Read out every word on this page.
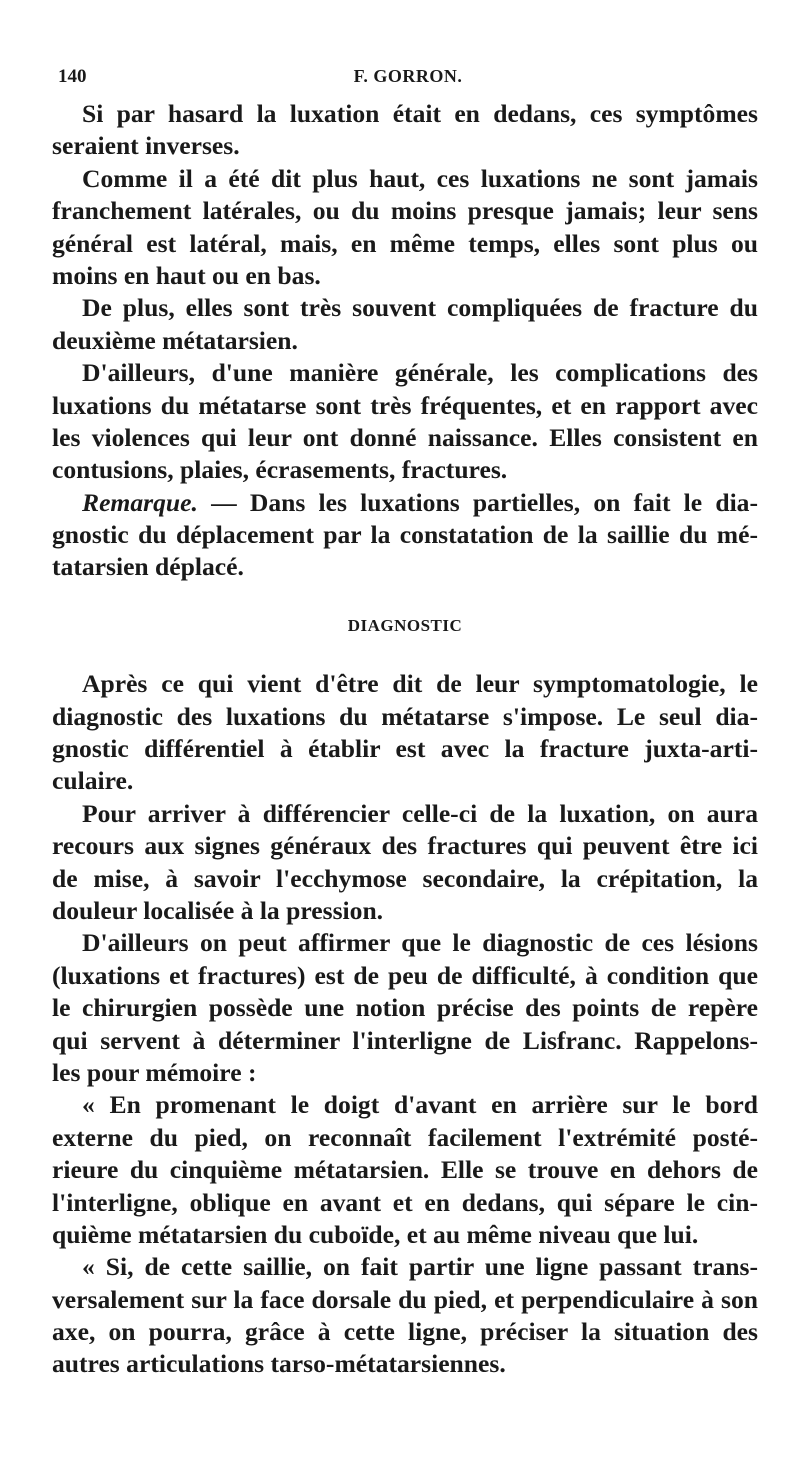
140	F. GORRON.
Si par hasard la luxation était en dedans, ces symptômes
seraient inverses.
Comme il a été dit plus haut, ces luxations ne sont jamais
franchement latérales, ou du moins presque jamais; leur sens
général est latéral, mais, en même temps, elles sont plus ou
moins en haut ou en bas.
De plus, elles sont très souvent compliquées de fracture du
deuxième métatarsien.
D'ailleurs, d'une manière générale, les complications des
luxations du métatarse sont très fréquentes, et en rapport avec
les violences qui leur ont donné naissance. Elles consistent en
contusions, plaies, écrasements, fractures.
Remarque. — Dans les luxations partielles, on fait le dia-
gnostic du déplacement par la constatation de la saillie du mé-
tatarsien déplacé.
DIAGNOSTIC
Après ce qui vient d'être dit de leur symptomatologie, le
diagnostic des luxations du métatarse s'impose. Le seul dia-
gnostic différentiel à établir est avec la fracture juxta-arti-
culaire.
Pour arriver à différencier celle-ci de la luxation, on aura
recours aux signes généraux des fractures qui peuvent être ici
de mise, à savoir l'ecchymose secondaire, la crépitation, la
douleur localisée à la pression.
D'ailleurs on peut affirmer que le diagnostic de ces lésions
(luxations et fractures) est de peu de difficulté, à condition que
le chirurgien possède une notion précise des points de repère
qui servent à déterminer l'interligne de Lisfranc. Rappelons-
les pour mémoire :
« En promenant le doigt d'avant en arrière sur le bord
externe du pied, on reconnaît facilement l'extrémité posté-
rieure du cinquième métatarsien. Elle se trouve en dehors de
l'interligne, oblique en avant et en dedans, qui sépare le cin-
quième métatarsien du cuboïde, et au même niveau que lui.
« Si, de cette saillie, on fait partir une ligne passant trans-
versalement sur la face dorsale du pied, et perpendiculaire à son
axe, on pourra, grâce à cette ligne, préciser la situation des
autres articulations tarso-métatarsiennes.
